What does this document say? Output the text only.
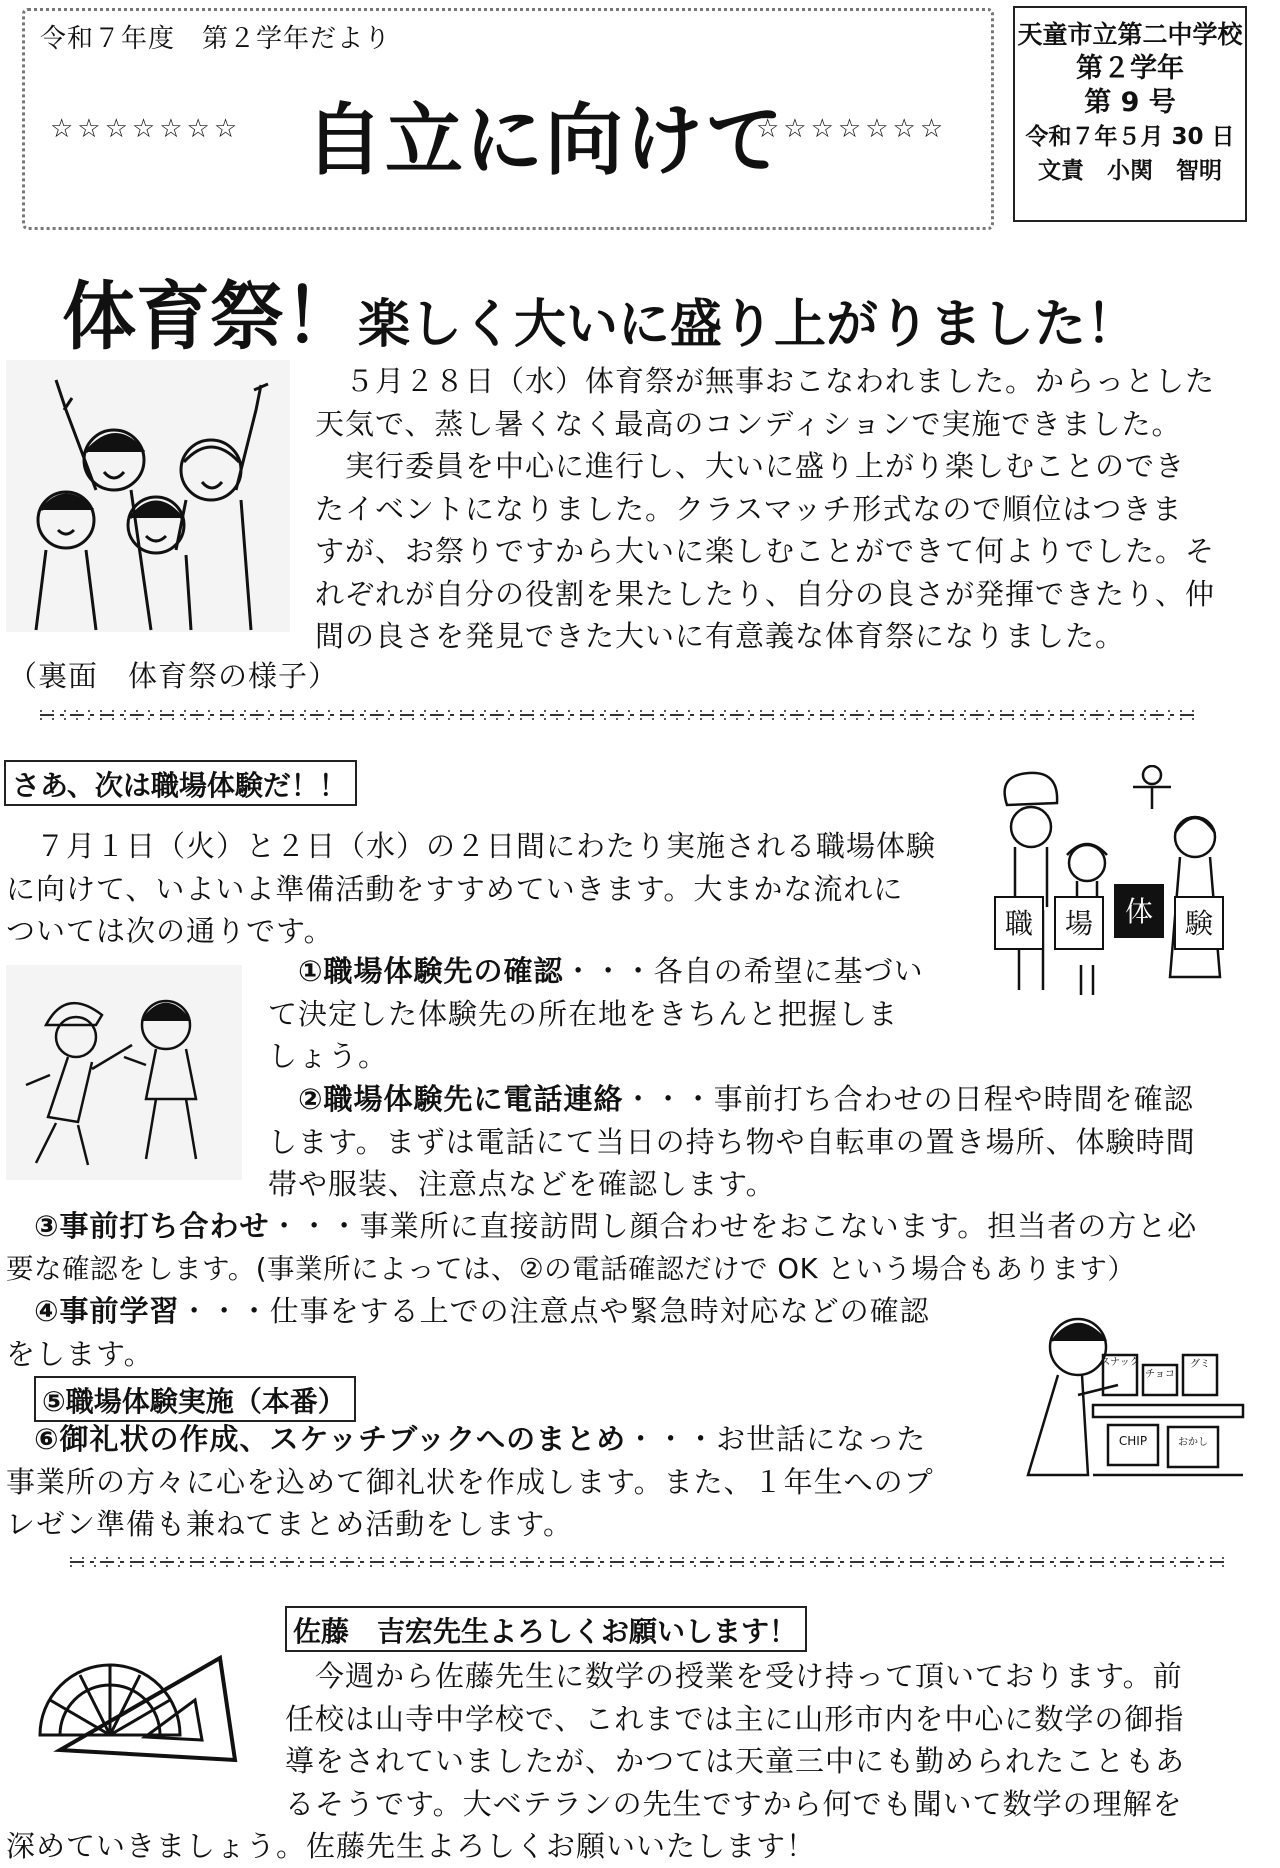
令和７年度　第２学年だより
☆☆☆☆☆☆☆ 自立に向けて
☆☆☆☆☆☆☆
天童市立第二中学校
第２学年
第 9 号
令和７年５月 30 日
文責　小関　智明
体育祭！楽しく大いに盛り上がりました！
　５月２８日（水）体育祭が無事おこなわれました。からっとした
天気で、蒸し暑くなく最高のコンディションで実施できました。
　実行委員を中心に進行し、大いに盛り上がり楽しむことのでき
たイベントになりました。クラスマッチ形式なので順位はつきま
すが、お祭りですから大いに楽しむことができて何よりでした。そ
れぞれが自分の役割を果たしたり、自分の良さが発揮できたり、仲
間の良さを発見できた大いに有意義な体育祭になりました。
（裏面　体育祭の様子）
さあ、次は職場体験だ！！
職 場 体 験
　７月１日（火）と２日（水）の２日間にわたり実施される職場体験
に向けて、いよいよ準備活動をすすめていきます。大まかな流れに
ついては次の通りです。
①職場体験先の確認・・・各自の希望に基づい
て決定した体験先の所在地をきちんと把握しま
しょう。
②職場体験先に電話連絡・・・事前打ち合わせの日程や時間を確認
します。まずは電話にて当日の持ち物や自転車の置き場所、体験時間
帯や服装、注意点などを確認します。
③事前打ち合わせ・・・事業所に直接訪問し顔合わせをおこないます。担当者の方と必
要な確認をします。(事業所によっては、②の電話確認だけで OK という場合もあります）
④事前学習・・・仕事をする上での注意点や緊急時対応などの確認
をします。
⑤職場体験実施（本番）
スナック
チョコ
グミ
CHIP	おかし
⑥御礼状の作成、スケッチブックへのまとめ・・・お世話になった
事業所の方々に心を込めて御礼状を作成します。また、１年生へのプ
レゼン準備も兼ねてまとめ活動をします。
佐藤　吉宏先生よろしくお願いします！
　今週から佐藤先生に数学の授業を受け持って頂いております。前
任校は山寺中学校で、これまでは主に山形市内を中心に数学の御指
導をされていましたが、かつては天童三中にも勤められたこともあ
るそうです。大ベテランの先生ですから何でも聞いて数学の理解を
深めていきましょう。佐藤先生よろしくお願いいたします！
